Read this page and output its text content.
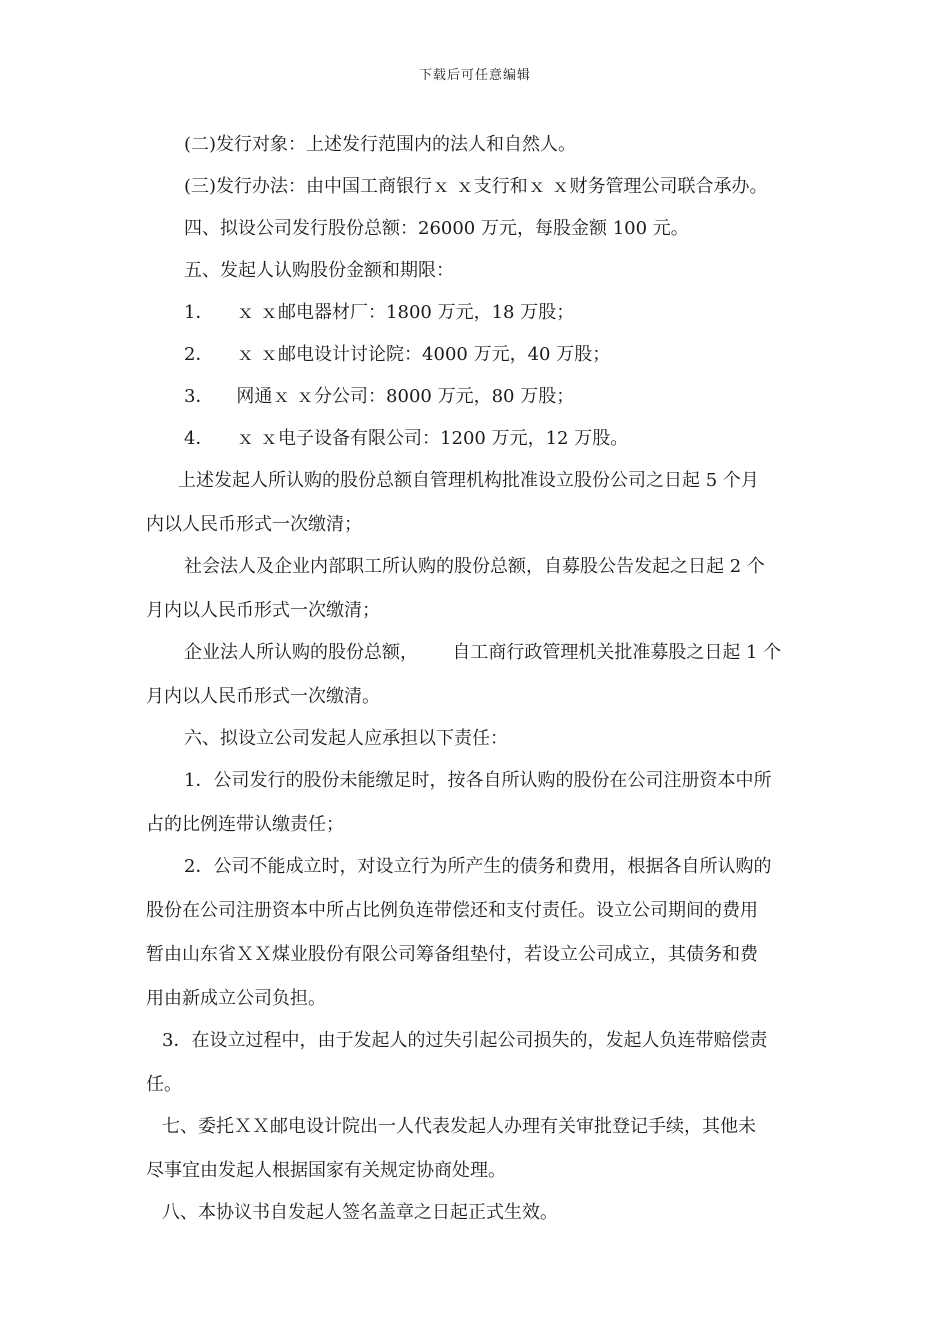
下载后可任意编辑
(二)发行对象：上述发行范围内的法人和自然人。
(三)发行办法：由中国工商银行ｘ ｘ支行和ｘ ｘ财务管理公司联合承办。
四、拟设公司发行股份总额：26000 万元，每股金额 100 元。
五、发起人认购股份金额和期限：
1．    ｘ ｘ邮电器材厂：1800 万元，18 万股；
2．    ｘ ｘ邮电设计讨论院：4000 万元，40 万股；
3．    网通ｘ ｘ分公司：8000 万元，80 万股；
4．    ｘ ｘ电子设备有限公司：1200 万元，12 万股。
上述发起人所认购的股份总额自管理机构批准设立股份公司之日起 5 个月
内以人民币形式一次缴清；
社会法人及企业内部职工所认购的股份总额，自募股公告发起之日起 2 个
月内以人民币形式一次缴清；
企业法人所认购的股份总额，      自工商行政管理机关批准募股之日起 1 个
月内以人民币形式一次缴清。
六、拟设立公司发起人应承担以下责任：
1．公司发行的股份未能缴足时，按各自所认购的股份在公司注册资本中所
占的比例连带认缴责任；
2．公司不能成立时，对设立行为所产生的债务和费用，根据各自所认购的
股份在公司注册资本中所占比例负连带偿还和支付责任。设立公司期间的费用
暂由山东省ＸＸ煤业股份有限公司筹备组垫付，若设立公司成立，其债务和费
用由新成立公司负担。
3．在设立过程中，由于发起人的过失引起公司损失的，发起人负连带赔偿责
任。
七、委托ＸＸ邮电设计院出一人代表发起人办理有关审批登记手续，其他未
尽事宜由发起人根据国家有关规定协商处理。
八、本协议书自发起人签名盖章之日起正式生效。
